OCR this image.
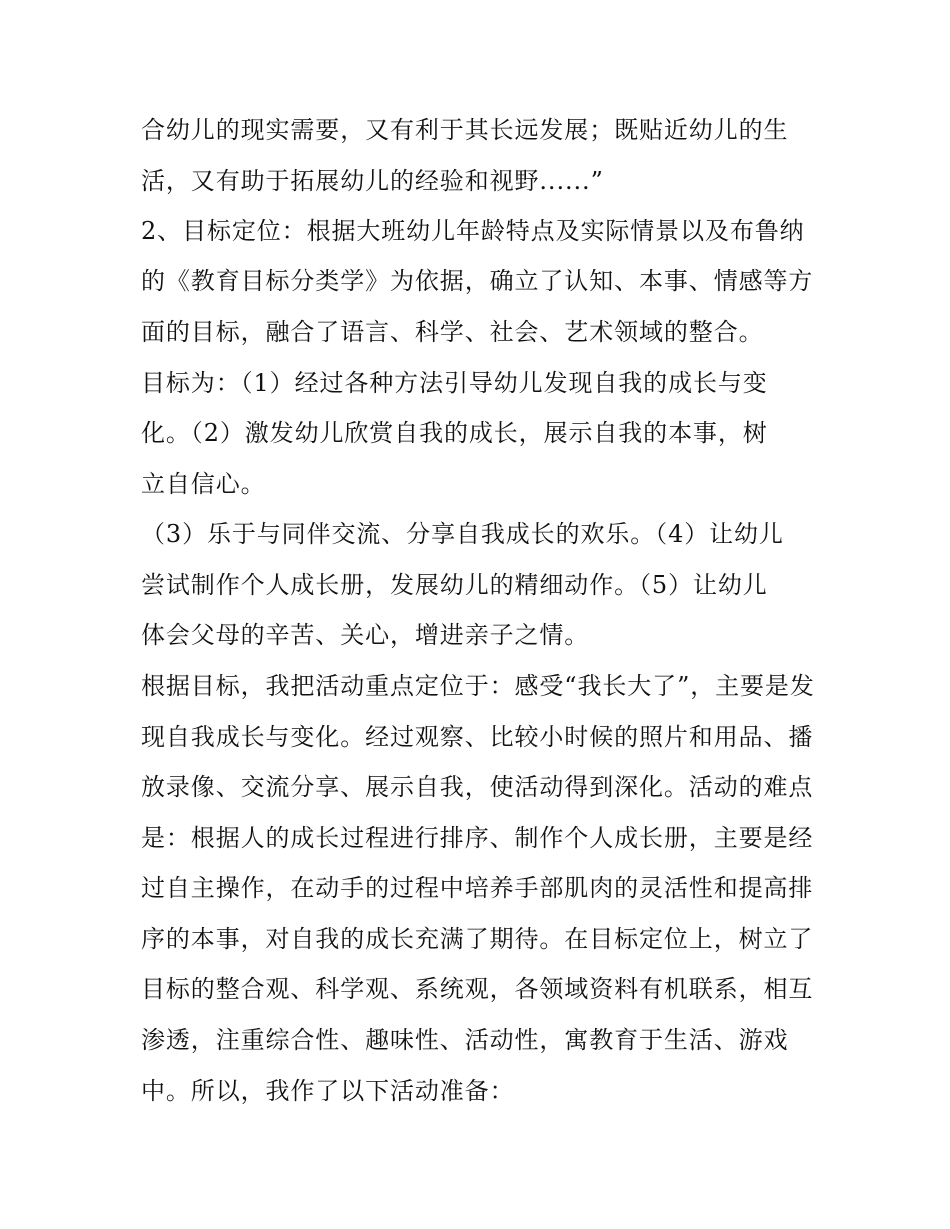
合幼儿的现实需要，又有利于其长远发展；既贴近幼儿的生
活，又有助于拓展幼儿的经验和视野......”
2、目标定位：根据大班幼儿年龄特点及实际情景以及布鲁纳
的《教育目标分类学》为依据，确立了认知、本事、情感等方
面的目标，融合了语言、科学、社会、艺术领域的整合。
目标为：（1）经过各种方法引导幼儿发现自我的成长与变
化。（2）激发幼儿欣赏自我的成长，展示自我的本事，树
立自信心。
（3）乐于与同伴交流、分享自我成长的欢乐。（4）让幼儿
尝试制作个人成长册，发展幼儿的精细动作。（5）让幼儿
体会父母的辛苦、关心，增进亲子之情。
根据目标，我把活动重点定位于：感受“我长大了”，主要是发
现自我成长与变化。经过观察、比较小时候的照片和用品、播
放录像、交流分享、展示自我，使活动得到深化。活动的难点
是：根据人的成长过程进行排序、制作个人成长册，主要是经
过自主操作，在动手的过程中培养手部肌肉的灵活性和提高排
序的本事，对自我的成长充满了期待。在目标定位上，树立了
目标的整合观、科学观、系统观，各领域资料有机联系，相互
渗透，注重综合性、趣味性、活动性，寓教育于生活、游戏
中。所以，我作了以下活动准备：
